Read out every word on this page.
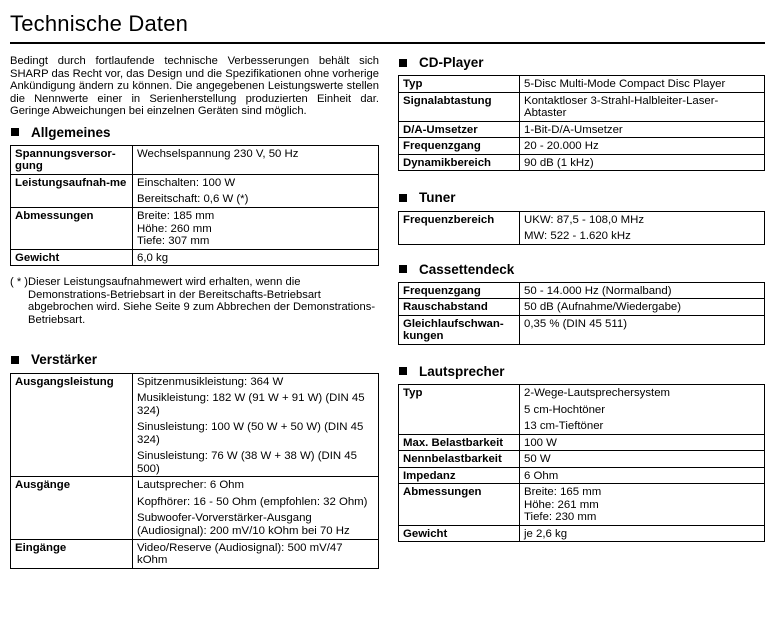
Technische Daten

Bedingt durch fortlaufende technische Verbesserungen behält sich SHARP das Recht vor, das Design und die Spezifikationen ohne vorherige Ankündigung ändern zu können. Die angegebenen Leistungswerte stellen die Nennwerte einer in Serienherstellung produzierten Einheit dar. Geringe Abweichungen bei einzelnen Geräten sind möglich.

Allgemeines
Spannungsversor-gung	Wechselspannung 230 V, 50 Hz

Leistungsaufnah-me	Einschalten: 100 W
Bereitschaft: 0,6 W (*)

Abmessungen	Breite: 185 mm
Höhe: 260 mm
Tiefe: 307 mm

Gewicht	6,0 kg
( * ) Dieser Leistungsaufnahmewert wird erhalten, wenn die Demonstrations-Betriebsart in der Bereitschafts-Betriebsart abgebrochen wird. Siehe Seite 9 zum Abbrechen der Demonstrations-Betriebsart.
Verstärker
Ausgangsleistung	Spitzenmusikleistung: 364 W
Musikleistung: 182 W (91 W + 91 W) (DIN 45 324)
Sinusleistung: 100 W (50 W + 50 W) (DIN 45 324)
Sinusleistung: 76 W (38 W + 38 W) (DIN 45 500)

Ausgänge	Lautsprecher: 6 Ohm
Kopfhörer: 16 - 50 Ohm (empfohlen: 32 Ohm)
Subwoofer-Vorverstärker-Ausgang (Audiosignal): 200 mV/10 kOhm bei 70 Hz

Eingänge	Video/Reserve (Audiosignal): 500 mV/47 kOhm
CD-Player
Typ	5-Disc Multi-Mode Compact Disc Player

Signalabtastung	Kontaktloser 3-Strahl-Halbleiter-Laser-Abtaster

D/A-Umsetzer	1-Bit-D/A-Umsetzer

Frequenzgang	20 - 20.000 Hz

Dynamikbereich	90 dB (1 kHz)
Tuner
Frequenzbereich	UKW: 87,5 - 108,0 MHz
MW: 522 - 1.620 kHz
Cassettendeck
Frequenzgang	50 - 14.000 Hz (Normalband)

Rauschabstand	50 dB (Aufnahme/Wiedergabe)

Gleichlaufschwan-kungen	0,35 % (DIN 45 511)
Lautsprecher
Typ	2-Wege-Lautsprechersystem
5 cm-Hochtöner
13 cm-Tieftöner

Max. Belastbarkeit	100 W

Nennbelastbarkeit	50 W

Impedanz	6 Ohm

Abmessungen	Breite: 165 mm
Höhe: 261 mm
Tiefe: 230 mm

Gewicht	je 2,6 kg
